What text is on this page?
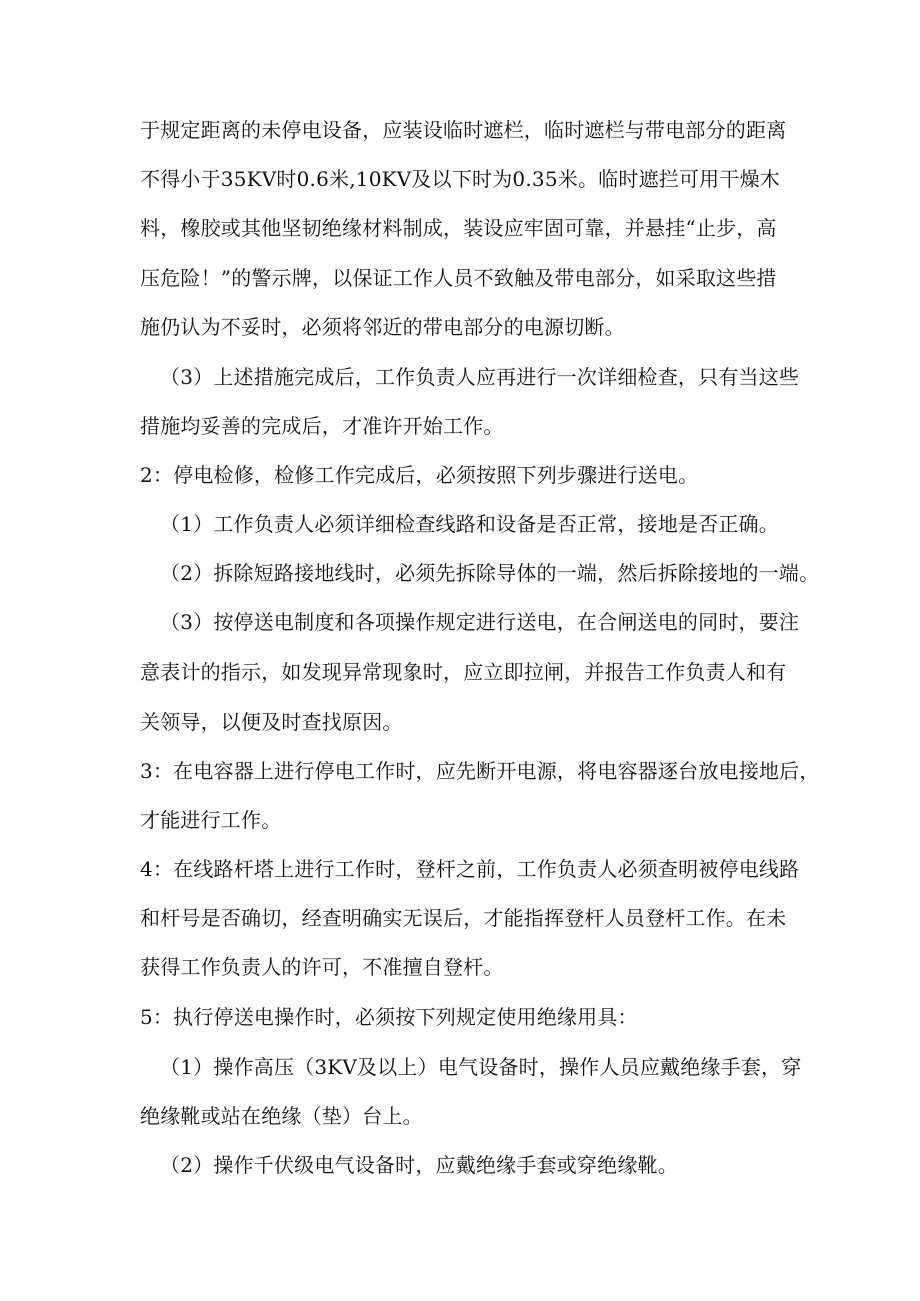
于规定距离的未停电设备，应装设临时遮栏，临时遮栏与带电部分的距离
不得小于35KV时0.6米,10KV及以下时为0.35米。临时遮拦可用干燥木
料，橡胶或其他坚韧绝缘材料制成，装设应牢固可靠，并悬挂“止步，高
压危险！”的警示牌，以保证工作人员不致触及带电部分，如采取这些措
施仍认为不妥时，必须将邻近的带电部分的电源切断。
（3）上述措施完成后，工作负责人应再进行一次详细检查，只有当这些
措施均妥善的完成后，才准许开始工作。
2：停电检修，检修工作完成后，必须按照下列步骤进行送电。
（1）工作负责人必须详细检查线路和设备是否正常，接地是否正确。
（2）拆除短路接地线时，必须先拆除导体的一端，然后拆除接地的一端。
（3）按停送电制度和各项操作规定进行送电，在合闸送电的同时，要注
意表计的指示，如发现异常现象时，应立即拉闸，并报告工作负责人和有
关领导，以便及时查找原因。
3：在电容器上进行停电工作时，应先断开电源，将电容器逐台放电接地后，
才能进行工作。
4：在线路杆塔上进行工作时，登杆之前，工作负责人必须查明被停电线路
和杆号是否确切，经查明确实无误后，才能指挥登杆人员登杆工作。在未
获得工作负责人的许可，不准擅自登杆。
5：执行停送电操作时，必须按下列规定使用绝缘用具：
（1）操作高压（3KV及以上）电气设备时，操作人员应戴绝缘手套，穿
绝缘靴或站在绝缘（垫）台上。
（2）操作千伏级电气设备时，应戴绝缘手套或穿绝缘靴。
